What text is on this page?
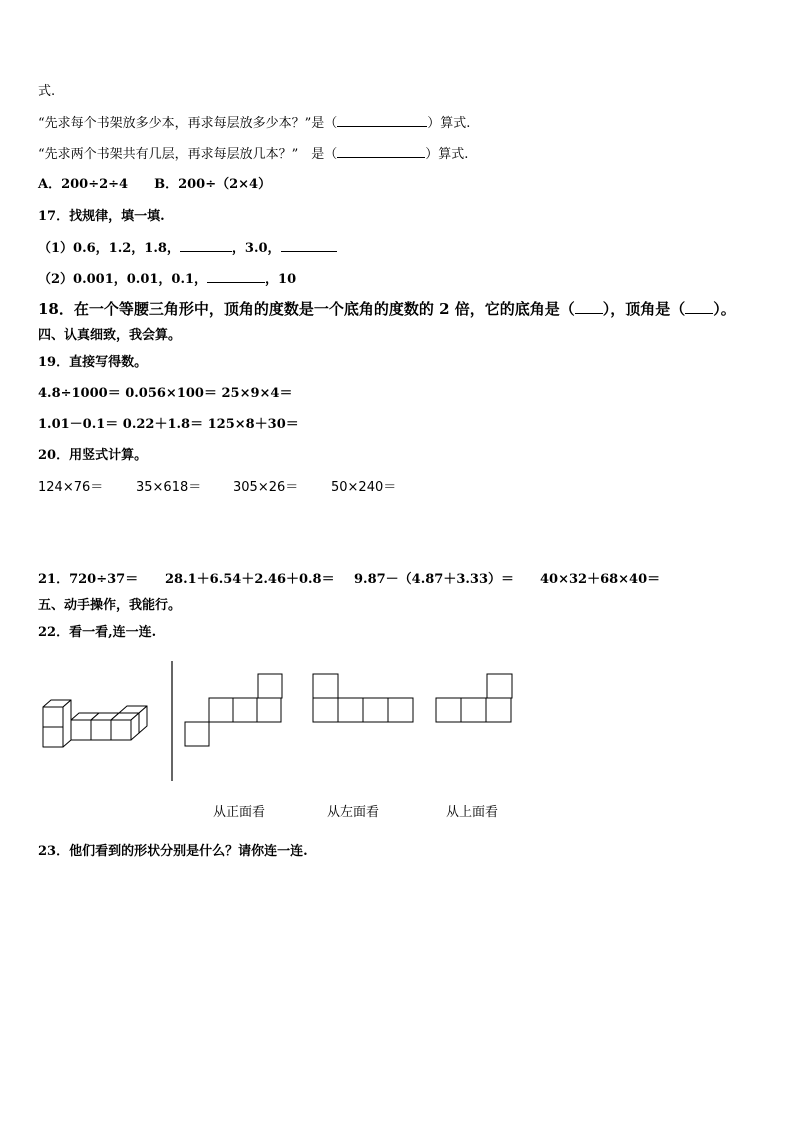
式.
“先求每个书架放多少本，再求每层放多少本？”是（	）算式.
“先求两个书架共有几层，再求每层放几本？”　是（	）算式.
A．200÷2÷4　　B．200÷（2×4）
17．找规律，填一填.
（1）0.6，1.2，1.8，	，3.0，
（2）0.001，0.01，0.1，	，10
18．在一个等腰三角形中，顶角的度数是一个底角的度数的 2 倍，它的底角是（ ），顶角是（ ）。
四、认真细致，我会算。
19．直接写得数。
4.8÷1000＝ 0.056×100＝ 25×9×4＝
1.01－0.1＝ 0.22＋1.8＝ 125×8＋30＝
20．用竖式计算。
124×76＝	35×618＝ 305×26＝	50×240＝
21．720÷37＝ 28.1＋6.54＋2.46＋0.8＝ 9.87－（4.87＋3.33）＝ 40×32＋68×40＝
五、动手操作，我能行。
22．看一看,连一连.
从正面看	从左面看	从上面看
23．他们看到的形状分别是什么？请你连一连.
